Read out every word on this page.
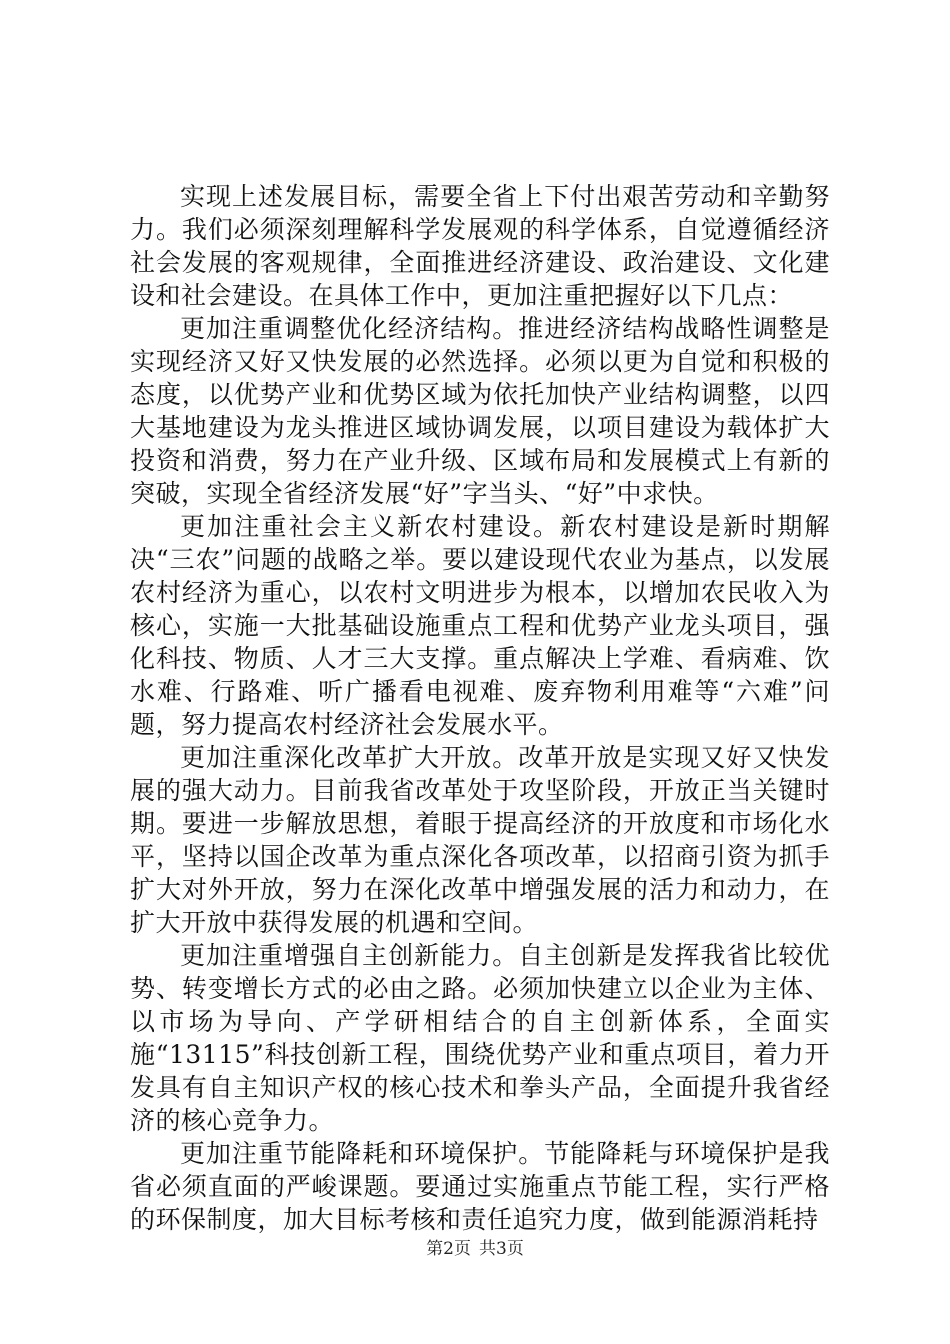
实现上述发展目标，需要全省上下付出艰苦劳动和辛勤努力。我们必须深刻理解科学发展观的科学体系，自觉遵循经济社会发展的客观规律，全面推进经济建设、政治建设、文化建设和社会建设。在具体工作中，更加注重把握好以下几点：

更加注重调整优化经济结构。推进经济结构战略性调整是实现经济又好又快发展的必然选择。必须以更为自觉和积极的态度，以优势产业和优势区域为依托加快产业结构调整，以四大基地建设为龙头推进区域协调发展，以项目建设为载体扩大投资和消费，努力在产业升级、区域布局和发展模式上有新的突破，实现全省经济发展“好”字当头、“好”中求快。

更加注重社会主义新农村建设。新农村建设是新时期解决“三农”问题的战略之举。要以建设现代农业为基点，以发展农村经济为重心，以农村文明进步为根本，以增加农民收入为核心，实施一大批基础设施重点工程和优势产业龙头项目，强化科技、物质、人才三大支撑。重点解决上学难、看病难、饮水难、行路难、听广播看电视难、废弃物利用难等“六难”问题，努力提高农村经济社会发展水平。

更加注重深化改革扩大开放。改革开放是实现又好又快发展的强大动力。目前我省改革处于攻坚阶段，开放正当关键时期。要进一步解放思想，着眼于提高经济的开放度和市场化水平，坚持以国企改革为重点深化各项改革，以招商引资为抓手扩大对外开放，努力在深化改革中增强发展的活力和动力，在扩大开放中获得发展的机遇和空间。

更加注重增强自主创新能力。自主创新是发挥我省比较优势、转变增长方式的必由之路。必须加快建立以企业为主体、以市场为导向、产学研相结合的自主创新体系，全面实施“13115”科技创新工程，围绕优势产业和重点项目，着力开发具有自主知识产权的核心技术和拳头产品，全面提升我省经济的核心竞争力。

更加注重节能降耗和环境保护。节能降耗与环境保护是我省必须直面的严峻课题。要通过实施重点节能工程，实行严格的环保制度，加大目标考核和责任追究力度，做到能源消耗持

第2页 共3页
